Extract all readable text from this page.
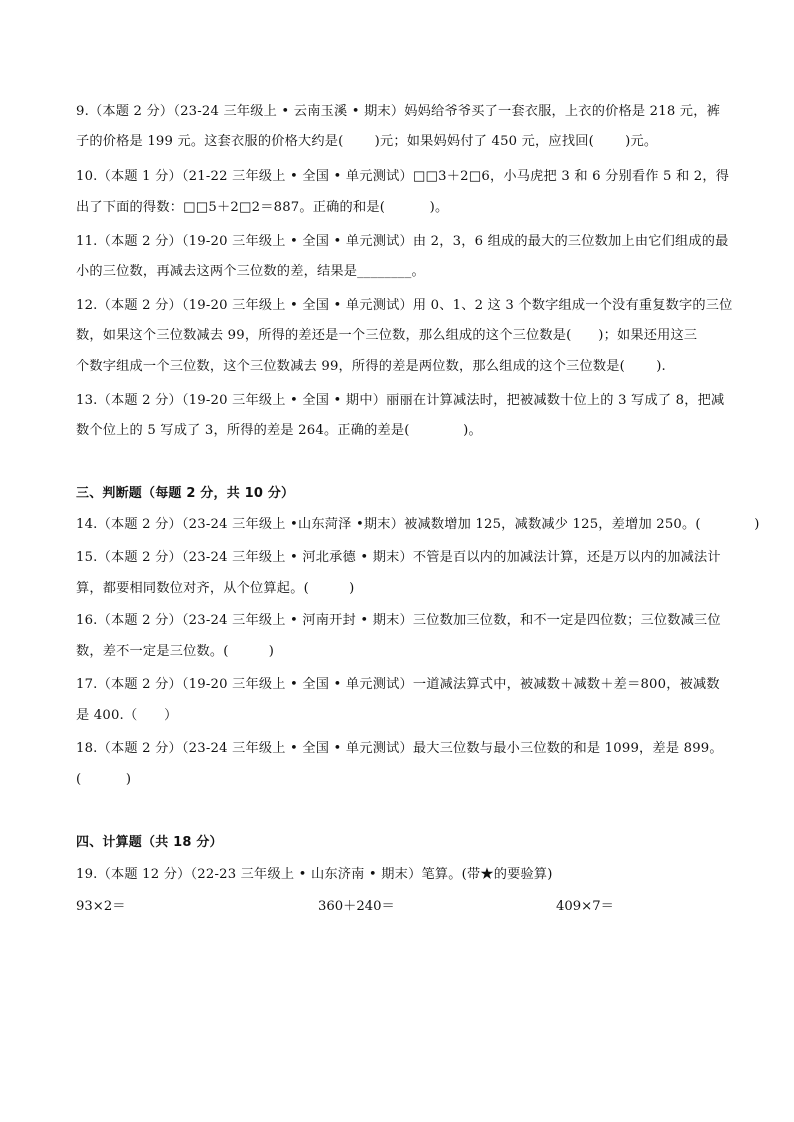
9.（本题 2 分）（23-24 三年级上 • 云南玉溪 • 期末）妈妈给爷爷买了一套衣服，上衣的价格是 218 元，裤
子的价格是 199 元。这套衣服的价格大约是(　　 )元；如果妈妈付了 450 元，应找回(　　 )元。
10.（本题 1 分）（21-22 三年级上 • 全国 • 单元测试）□□3＋2□6，小马虎把 3 和 6 分别看作 5 和 2，得
出了下面的得数：□□5＋2□2＝887。正确的和是(　　　 )。
11.（本题 2 分）（19-20 三年级上 • 全国 • 单元测试）由 2，3，6 组成的最大的三位数加上由它们组成的最
小的三位数，再减去这两个三位数的差，结果是________。
12.（本题 2 分）（19-20 三年级上 • 全国 • 单元测试）用 0、1、2 这 3 个数字组成一个没有重复数字的三位
数，如果这个三位数减去 99，所得的差还是一个三位数，那么组成的这个三位数是(　　)；如果还用这三
个数字组成一个三位数，这个三位数减去 99，所得的差是两位数，那么组成的这个三位数是(　　 ).
13.（本题 2 分）（19-20 三年级上 • 全国 • 期中）丽丽在计算减法时，把被减数十位上的 3 写成了 8，把减
数个位上的 5 写成了 3，所得的差是 264。正确的差是(　　　　)。
三、判断题（每题 2 分，共 10 分）
14.（本题 2 分）（23-24 三年级上 •山东菏泽 •期末）被减数增加 125，减数减少 125，差增加 250。(　　　　)
15.（本题 2 分）（23-24 三年级上 • 河北承德 • 期末）不管是百以内的加减法计算，还是万以内的加减法计
算，都要相同数位对齐，从个位算起。(　　　)
16.（本题 2 分）（23-24 三年级上 • 河南开封 • 期末）三位数加三位数，和不一定是四位数；三位数减三位
数，差不一定是三位数。(　　　)
17.（本题 2 分）（19-20 三年级上 • 全国 • 单元测试）一道减法算式中，被减数＋减数＋差＝800，被减数
是 400.（　　）
18.（本题 2 分）（23-24 三年级上 • 全国 • 单元测试）最大三位数与最小三位数的和是 1099，差是 899。
(　　　 )
四、计算题（共 18 分）
19.（本题 12 分）（22-23 三年级上 • 山东济南 • 期末）笔算。(带★的要验算)
93×2＝	360＋240＝	409×7＝
